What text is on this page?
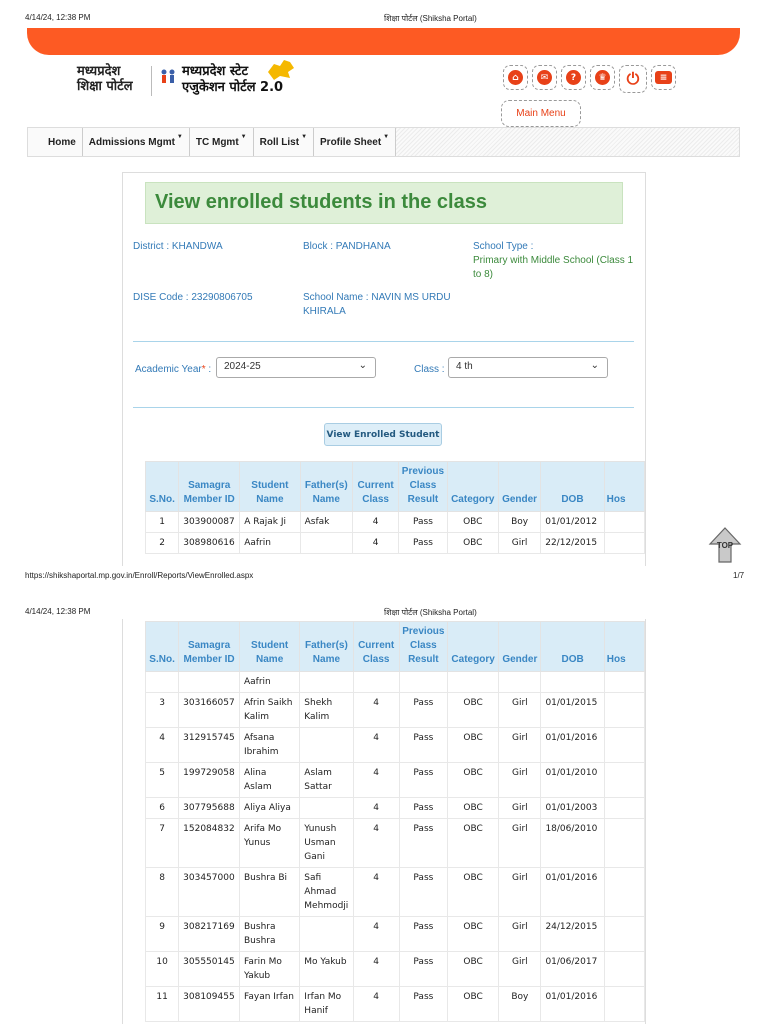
4/14/24, 12:38 PM	शिक्षा पोर्टल (Shiksha Portal)
मध्यप्रदेश
शिक्षा पोर्टल
मध्यप्रदेश स्टेट
एजुकेशन पोर्टल 2.0
⌂	✉	?	♛ ⏻	≡
Main Menu
Home Admissions Mgmt ▼ TC Mgmt ▼ Roll List ▼ Profile Sheet ▼
View enrolled students in the class
District : KHANDWA	Block : PANDHANA	School Type :
Primary with Middle School (Class 1 to 8)
DISE Code : 23290806705	School Name : NAVIN MS URDU KHIRALA
Academic Year* :	2024-25	⌄	Class :	4 th	⌄
View Enrolled Student
S.No.	Samagra Member ID	Student Name	Father(s) Name	Current Class	Previous Class Result	Category	Gender	DOB	Hos
1	303900087	A Rajak Ji	Asfak	4	Pass	OBC	Boy	01/01/2012	
2	308980616	Aafrin		4	Pass	OBC	Girl	22/12/2015		TOP
https://shikshaportal.mp.gov.in/Enroll/Reports/ViewEnrolled.aspx	1/7
4/14/24, 12:38 PM	शिक्षा पोर्टल (Shiksha Portal)
S.No.	Samagra Member ID	Student Name	Father(s) Name	Current Class	Previous Class Result	Category	Gender	DOB	Hos
		Aafrin							
3	303166057	Afrin Saikh Kalim	Shekh Kalim	4	Pass	OBC	Girl	01/01/2015	
4	312915745	Afsana Ibrahim		4	Pass	OBC	Girl	01/01/2016	
5	199729058	Alina Aslam	Aslam Sattar	4	Pass	OBC	Girl	01/01/2010	
6	307795688	Aliya Aliya		4	Pass	OBC	Girl	01/01/2003	
7	152084832	Arifa Mo Yunus	Yunush Usman Gani	4	Pass	OBC	Girl	18/06/2010	
8	303457000	Bushra Bi	Safi Ahmad Mehmodji	4	Pass	OBC	Girl	01/01/2016	
9	308217169	Bushra Bushra		4	Pass	OBC	Girl	24/12/2015	
10	305550145	Farin Mo Yakub	Mo Yakub	4	Pass	OBC	Girl	01/06/2017	
11	308109455	Fayan Irfan	Irfan Mo Hanif	4	Pass	OBC	Boy	01/01/2016	
